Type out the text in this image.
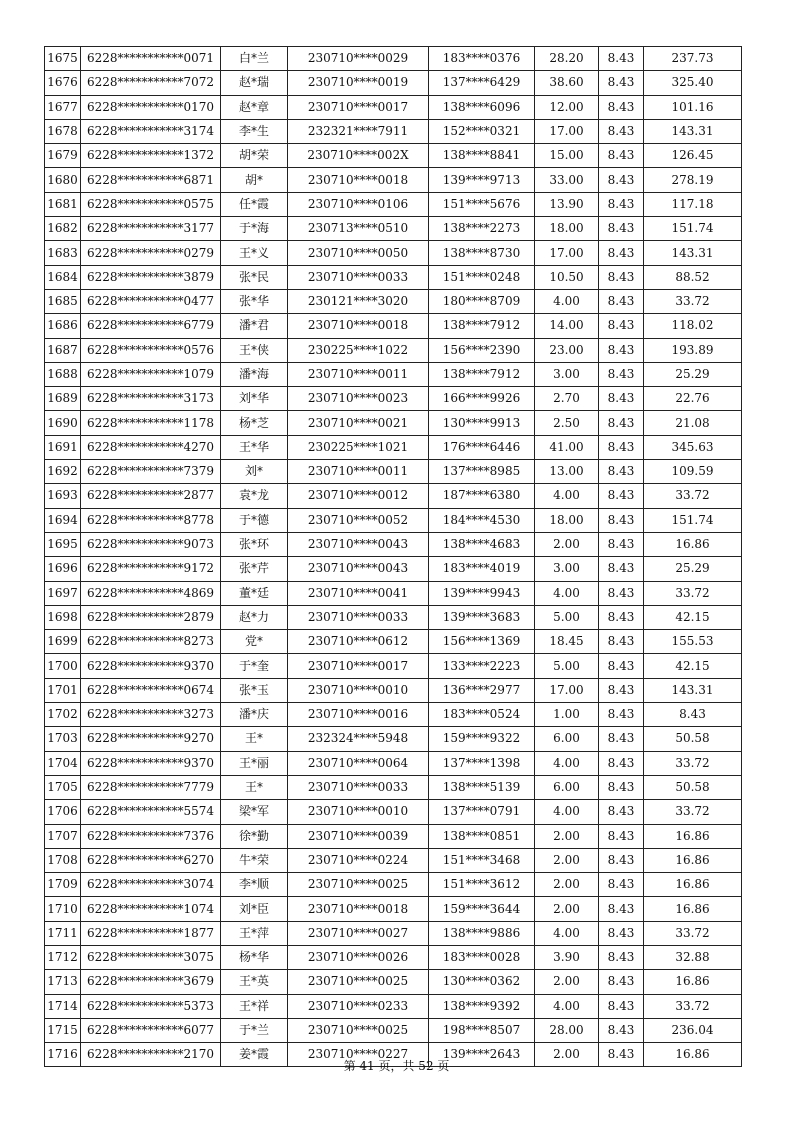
1675	6228***********0071	白*兰	230710****0029	183****0376	28.20	8.43	237.73
1676	6228***********7072	赵*瑞	230710****0019	137****6429	38.60	8.43	325.40
1677	6228***********0170	赵*章	230710****0017	138****6096	12.00	8.43	101.16
1678	6228***********3174	李*生	232321****7911	152****0321	17.00	8.43	143.31
1679	6228***********1372	胡*荣	230710****002X	138****8841	15.00	8.43	126.45
1680	6228***********6871	胡*	230710****0018	139****9713	33.00	8.43	278.19
1681	6228***********0575	任*霞	230710****0106	151****5676	13.90	8.43	117.18
1682	6228***********3177	于*海	230713****0510	138****2273	18.00	8.43	151.74
1683	6228***********0279	王*义	230710****0050	138****8730	17.00	8.43	143.31
1684	6228***********3879	张*民	230710****0033	151****0248	10.50	8.43	88.52
1685	6228***********0477	张*华	230121****3020	180****8709	4.00	8.43	33.72
1686	6228***********6779	潘*君	230710****0018	138****7912	14.00	8.43	118.02
1687	6228***********0576	王*侠	230225****1022	156****2390	23.00	8.43	193.89
1688	6228***********1079	潘*海	230710****0011	138****7912	3.00	8.43	25.29
1689	6228***********3173	刘*华	230710****0023	166****9926	2.70	8.43	22.76
1690	6228***********1178	杨*芝	230710****0021	130****9913	2.50	8.43	21.08
1691	6228***********4270	王*华	230225****1021	176****6446	41.00	8.43	345.63
1692	6228***********7379	刘*	230710****0011	137****8985	13.00	8.43	109.59
1693	6228***********2877	袁*龙	230710****0012	187****6380	4.00	8.43	33.72
1694	6228***********8778	于*德	230710****0052	184****4530	18.00	8.43	151.74
1695	6228***********9073	张*环	230710****0043	138****4683	2.00	8.43	16.86
1696	6228***********9172	张*芹	230710****0043	183****4019	3.00	8.43	25.29
1697	6228***********4869	董*廷	230710****0041	139****9943	4.00	8.43	33.72
1698	6228***********2879	赵*力	230710****0033	139****3683	5.00	8.43	42.15
1699	6228***********8273	党*	230710****0612	156****1369	18.45	8.43	155.53
1700	6228***********9370	于*奎	230710****0017	133****2223	5.00	8.43	42.15
1701	6228***********0674	张*玉	230710****0010	136****2977	17.00	8.43	143.31
1702	6228***********3273	潘*庆	230710****0016	183****0524	1.00	8.43	8.43
1703	6228***********9270	王*	232324****5948	159****9322	6.00	8.43	50.58
1704	6228***********9370	王*丽	230710****0064	137****1398	4.00	8.43	33.72
1705	6228***********7779	王*	230710****0033	138****5139	6.00	8.43	50.58
1706	6228***********5574	梁*军	230710****0010	137****0791	4.00	8.43	33.72
1707	6228***********7376	徐*勤	230710****0039	138****0851	2.00	8.43	16.86
1708	6228***********6270	牛*荣	230710****0224	151****3468	2.00	8.43	16.86
1709	6228***********3074	李*顺	230710****0025	151****3612	2.00	8.43	16.86
1710	6228***********1074	刘*臣	230710****0018	159****3644	2.00	8.43	16.86
1711	6228***********1877	王*萍	230710****0027	138****9886	4.00	8.43	33.72
1712	6228***********3075	杨*华	230710****0026	183****0028	3.90	8.43	32.88
1713	6228***********3679	王*英	230710****0025	130****0362	2.00	8.43	16.86
1714	6228***********5373	王*祥	230710****0233	138****9392	4.00	8.43	33.72
1715	6228***********6077	于*兰	230710****0025	198****8507	28.00	8.43	236.04
1716	6228***********2170	姜*霞	230710****0227	139****2643	2.00	8.43	16.86
第 41 页，共 52 页
